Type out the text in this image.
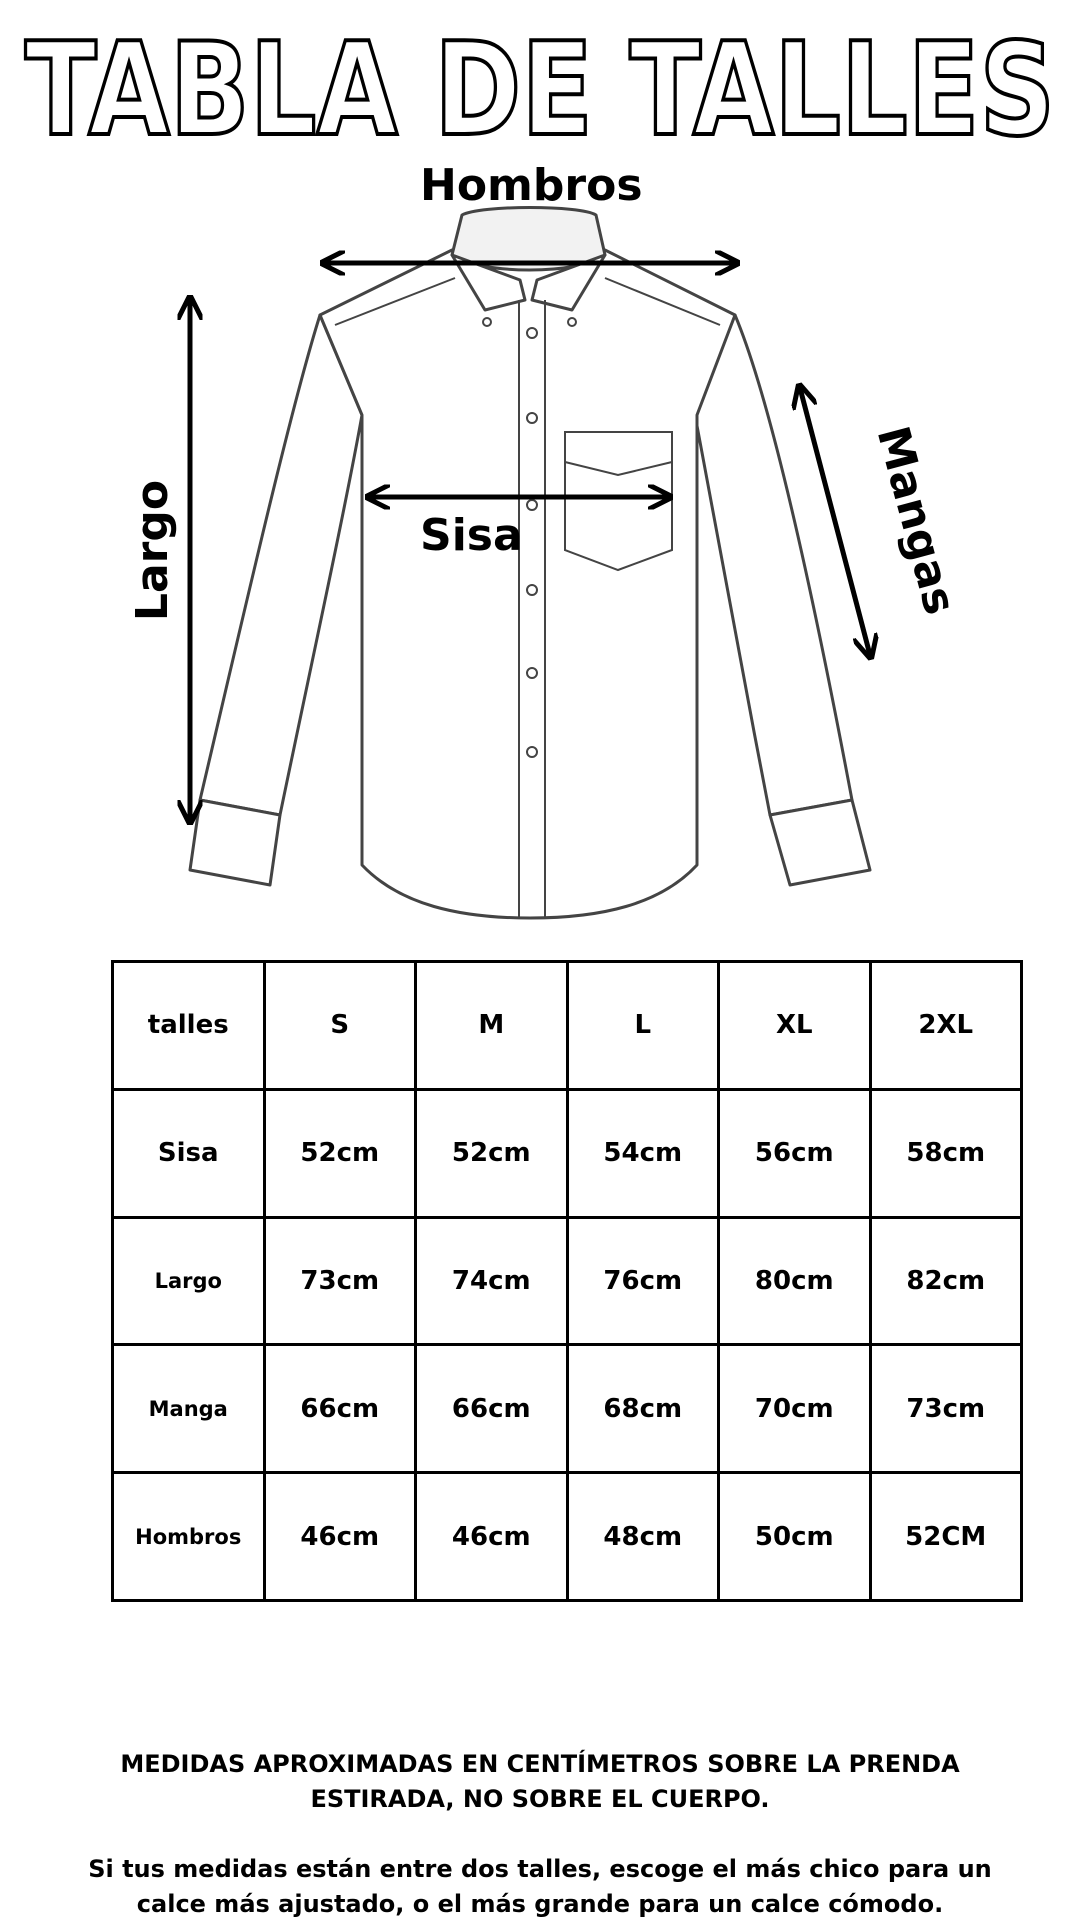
TABLA DE TALLES
Hombros
Sisa
Largo	Mangas
talles	S	M	L	XL	2XL
Sisa	52cm	52cm	54cm	56cm	58cm
Largo	73cm	74cm	76cm	80cm	82cm
Manga	66cm	66cm	68cm	70cm	73cm
Hombros	46cm	46cm	48cm	50cm	52CM
MEDIDAS APROXIMADAS EN CENTÍMETROS SOBRE LA PRENDA
ESTIRADA, NO SOBRE EL CUERPO.
Si tus medidas están entre dos talles, escoge el más chico para un
calce más ajustado, o el más grande para un calce cómodo.
